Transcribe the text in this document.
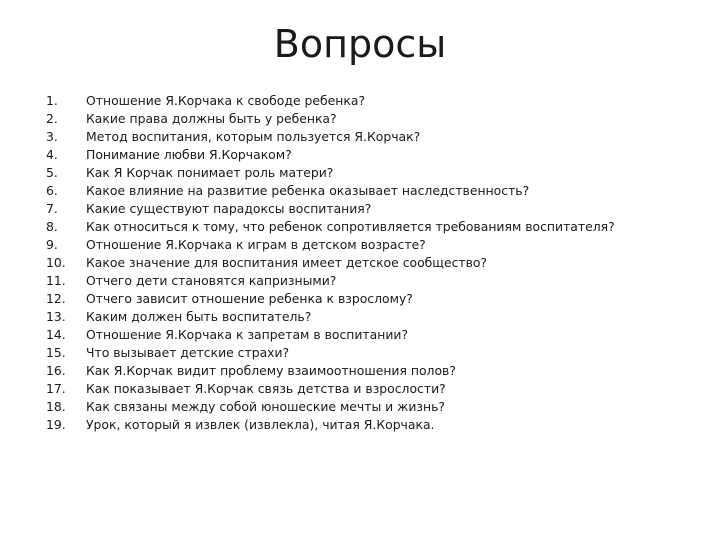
Вопросы
1.	Отношение Я.Корчака к свободе ребенка?
2.	Какие права должны быть у ребенка?
3.	Метод воспитания, которым пользуется Я.Корчак?
4.	Понимание любви Я.Корчаком?
5.	Как Я Корчак понимает роль матери?
6.	Какое влияние на развитие ребенка оказывает наследственность?
7.	Какие существуют парадоксы воспитания?
8.	Как относиться к тому, что ребенок сопротивляется требованиям воспитателя?
9.	Отношение Я.Корчака к играм в детском возрасте?
10.	Какое значение для воспитания имеет детское сообщество?
11.	Отчего дети становятся капризными?
12.	Отчего зависит отношение ребенка к взрослому?
13.	Каким должен быть воспитатель?
14.	Отношение Я.Корчака к запретам в воспитании?
15.	Что вызывает детские страхи?
16.	Как Я.Корчак видит проблему взаимоотношения полов?
17.	Как показывает Я.Корчак связь детства и взрослости?
18.	Как связаны между собой юношеские мечты и жизнь?
19.	Урок, который я извлек (извлекла), читая Я.Корчака.
